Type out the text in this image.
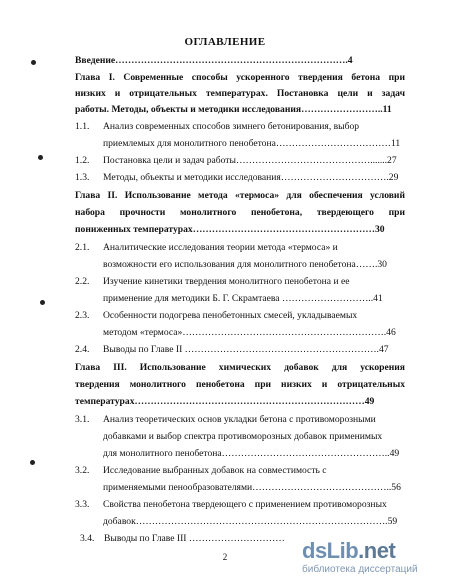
ОГЛАВЛЕНИЕ
Введение……………………………………………………………….4
Глава I. Современные способы ускоренного твердения бетона при
низких и отрицательных температурах. Постановка цели и задач
работы. Методы, объекты и методики исследования……………………..11
1.1.	Анализ современных способов зимнего бетонирования, выбор
приемлемых для монолитного пенобетона………………………………11
1.2.	Постановка цели и задач работы…………………………………….......27
1.3.	Методы, объекты и методики исследования…………………………….29
Глава II. Использование метода «термоса» для обеспечения условий
набора прочности монолитного пенобетона, твердеющего при
пониженных температурах…………………………………………………30
2.1.	Аналитические исследования теории метода «термоса» и
возможности его использования для монолитного пенобетона…….30
2.2.	Изучение кинетики твердения монолитного пенобетона и ее
применение для методики Б. Г. Скрамтаева ………………………..41
2.3.	Особенности подогрева пенобетонных смесей, укладываемых
методом «термоса»……………………………………………………….46
2.4.	Выводы по Главе II …………………………………………………….47
Глава III. Использование химических добавок для ускорения
твердения монолитного пенобетона при низких и отрицательных
температурах………………………………………………………………49
3.1.	Анализ теоретических основ укладки бетона с противоморозными
добавками и выбор спектра противоморозных добавок применимых
для монолитного пенобетона……………………………………………..49
3.2.	Исследование выбранных добавок на совместимость с
применяемыми пенообразователями……………………………………..56
3.3.	Свойства пенобетона твердеющего с применением противоморозных
добавок…………………………………………………………………….59
3.4.	Выводы по Главе III …………………………
2	dsLib.net
библиотека диссертаций
